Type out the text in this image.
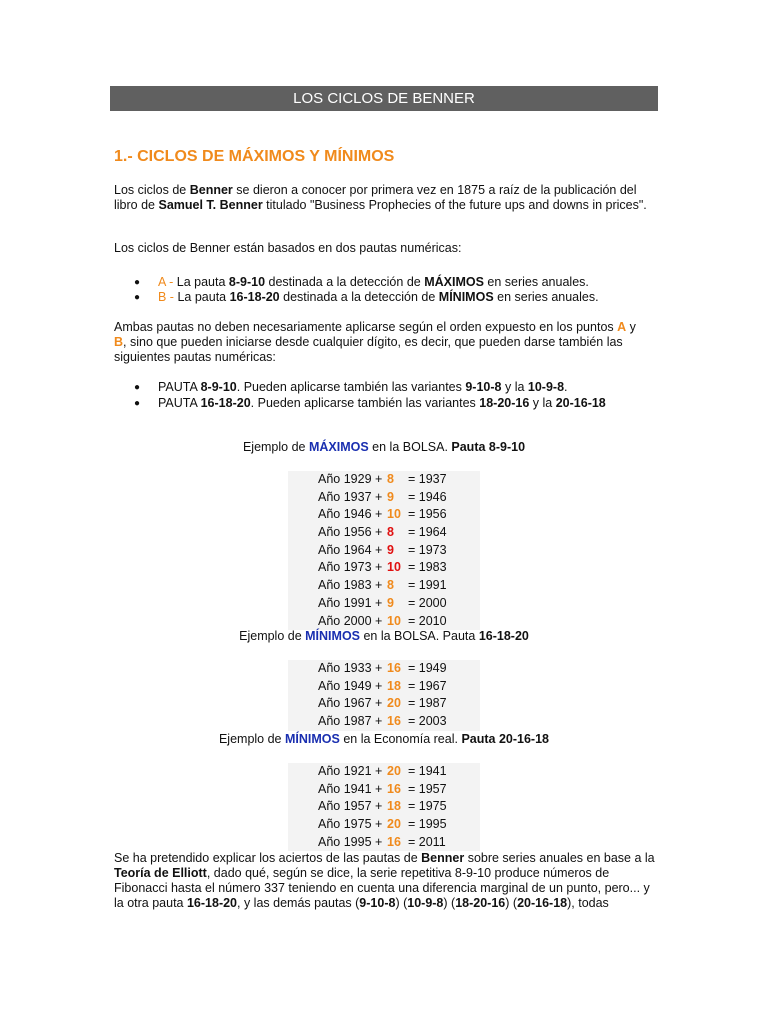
LOS CICLOS DE BENNER
1.- CICLOS DE MÁXIMOS Y MÍNIMOS
Los ciclos de Benner se dieron a conocer por primera vez en 1875 a raíz de la publicación del libro de Samuel T. Benner titulado "Business Prophecies of the future ups and downs in prices".
Los ciclos de Benner están basados en dos pautas numéricas:
● A - La pauta 8-9-10 destinada a la detección de MÁXIMOS en series anuales.
● B - La pauta 16-18-20 destinada a la detección de MÍNIMOS en series anuales.
Ambas pautas no deben necesariamente aplicarse según el orden expuesto en los puntos A y B, sino que pueden iniciarse desde cualquier dígito, es decir, que pueden darse también las siguientes pautas numéricas:
● PAUTA 8-9-10. Pueden aplicarse también las variantes 9-10-8 y la 10-9-8.
● PAUTA 16-18-20. Pueden aplicarse también las variantes 18-20-16 y la 20-16-18
Ejemplo de MÁXIMOS en la BOLSA. Pauta 8-9-10
Año 1929 + 8	= 1937
Año 1937 + 9	= 1946
Año 1946 + 10 = 1956
Año 1956 + 8	= 1964
Año 1964 + 9	= 1973
Año 1973 + 10 = 1983
Año 1983 + 8	= 1991
Año 1991 + 9	= 2000
Año 2000 + 10 = 2010
Ejemplo de MÍNIMOS en la BOLSA. Pauta 16-18-20
Año 1933 + 16 = 1949
Año 1949 + 18 = 1967
Año 1967 + 20 = 1987
Año 1987 + 16 = 2003
Ejemplo de MÍNIMOS en la Economía real. Pauta 20-16-18
Año 1921 + 20 = 1941
Año 1941 + 16 = 1957
Año 1957 + 18 = 1975
Año 1975 + 20 = 1995
Año 1995 + 16 = 2011
Se ha pretendido explicar los aciertos de las pautas de Benner sobre series anuales en base a la Teoría de Elliott, dado qué, según se dice, la serie repetitiva 8-9-10 produce números de Fibonacci hasta el número 337 teniendo en cuenta una diferencia marginal de un punto, pero... y la otra pauta 16-18-20, y las demás pautas (9-10-8) (10-9-8) (18-20-16) (20-16-18), todas
